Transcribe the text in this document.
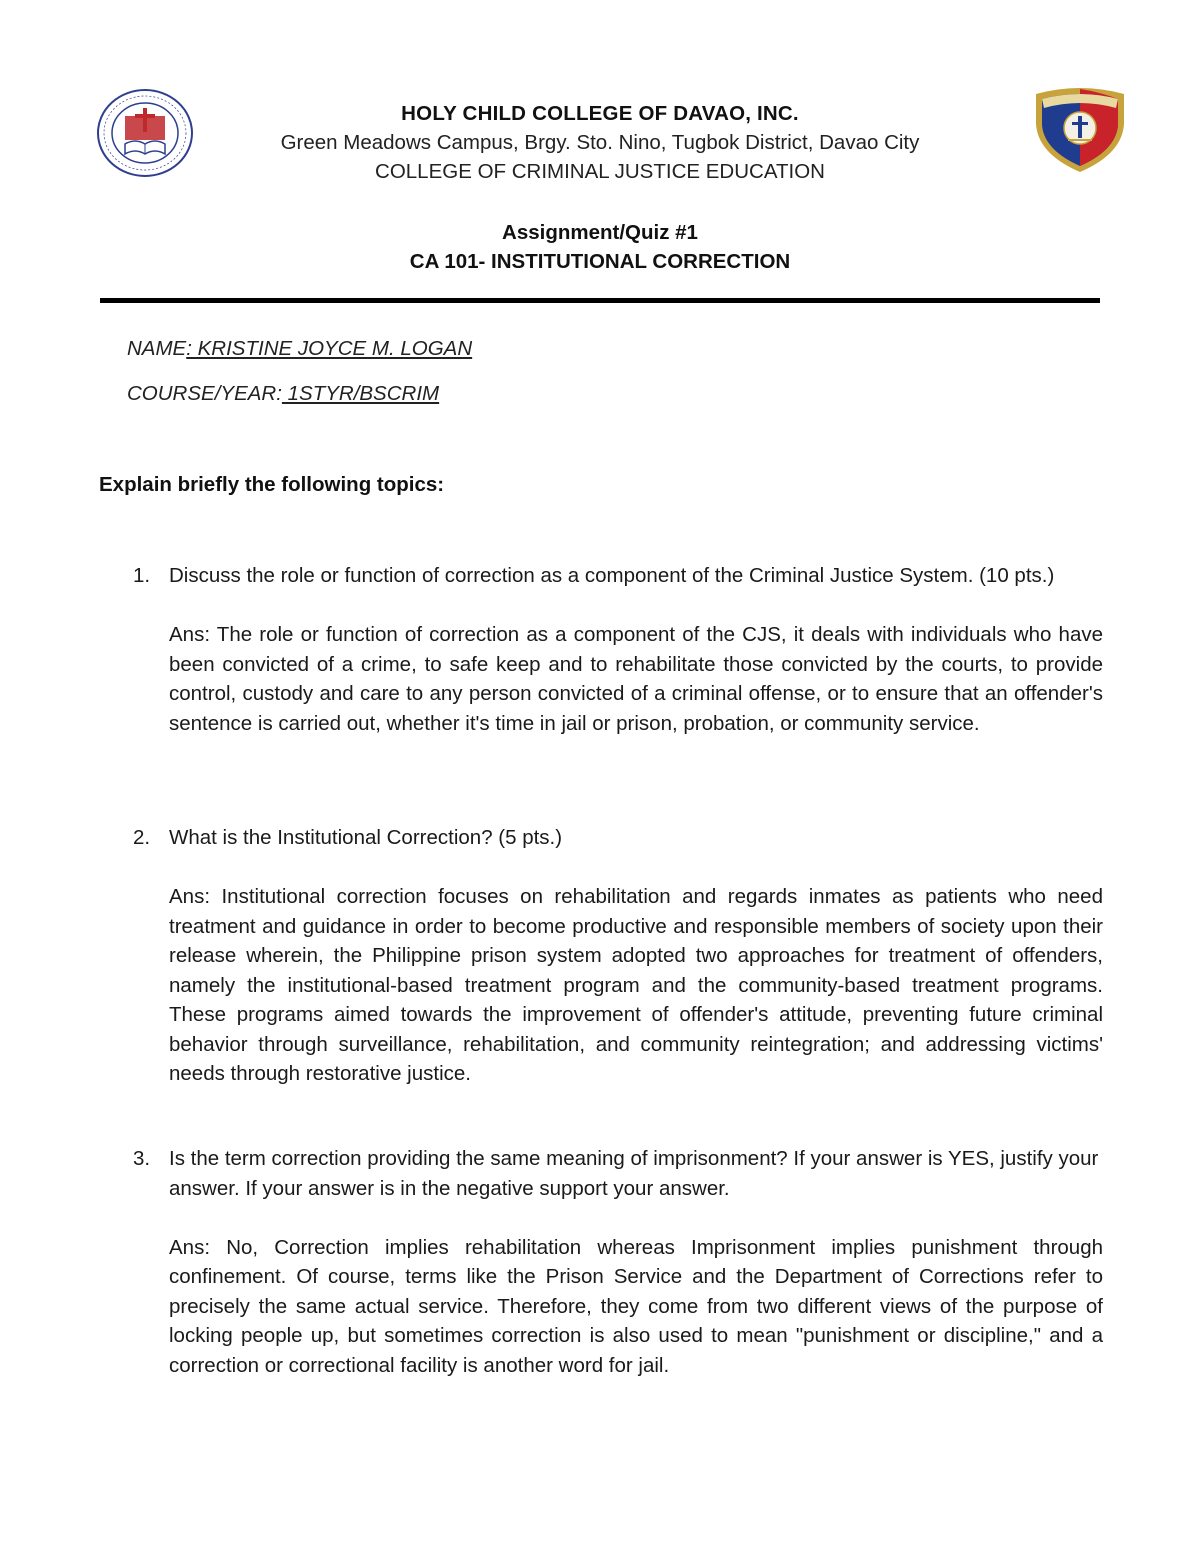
HOLY CHILD COLLEGE OF DAVAO, INC.
Green Meadows Campus, Brgy. Sto. Nino, Tugbok District, Davao City
COLLEGE OF CRIMINAL JUSTICE EDUCATION
Assignment/Quiz #1
CA 101- INSTITUTIONAL CORRECTION
NAME: KRISTINE JOYCE M. LOGAN
COURSE/YEAR: 1STYR/BSCRIM
Explain briefly the following topics:
1. Discuss the role or function of correction as a component of the Criminal Justice System. (10 pts.)
Ans: The role or function of correction as a component of the CJS, it deals with individuals who have been convicted of a crime, to safe keep and to rehabilitate those convicted by the courts, to provide control, custody and care to any person convicted of a criminal offense, or to ensure that an offender's sentence is carried out, whether it's time in jail or prison, probation, or community service.
2. What is the Institutional Correction? (5 pts.)
Ans: Institutional correction focuses on rehabilitation and regards inmates as patients who need treatment and guidance in order to become productive and responsible members of society upon their release wherein, the Philippine prison system adopted two approaches for treatment of offenders, namely the institutional-based treatment program and the community-based treatment programs. These programs aimed towards the improvement of offender's attitude, preventing future criminal behavior through surveillance, rehabilitation, and community reintegration; and addressing victims' needs through restorative justice.
3. Is the term correction providing the same meaning of imprisonment? If your answer is YES, justify your answer. If your answer is in the negative support your answer.
Ans: No, Correction implies rehabilitation whereas Imprisonment implies punishment through confinement. Of course, terms like the Prison Service and the Department of Corrections refer to precisely the same actual service. Therefore, they come from two different views of the purpose of locking people up, but sometimes correction is also used to mean "punishment or discipline," and a correction or correctional facility is another word for jail.
